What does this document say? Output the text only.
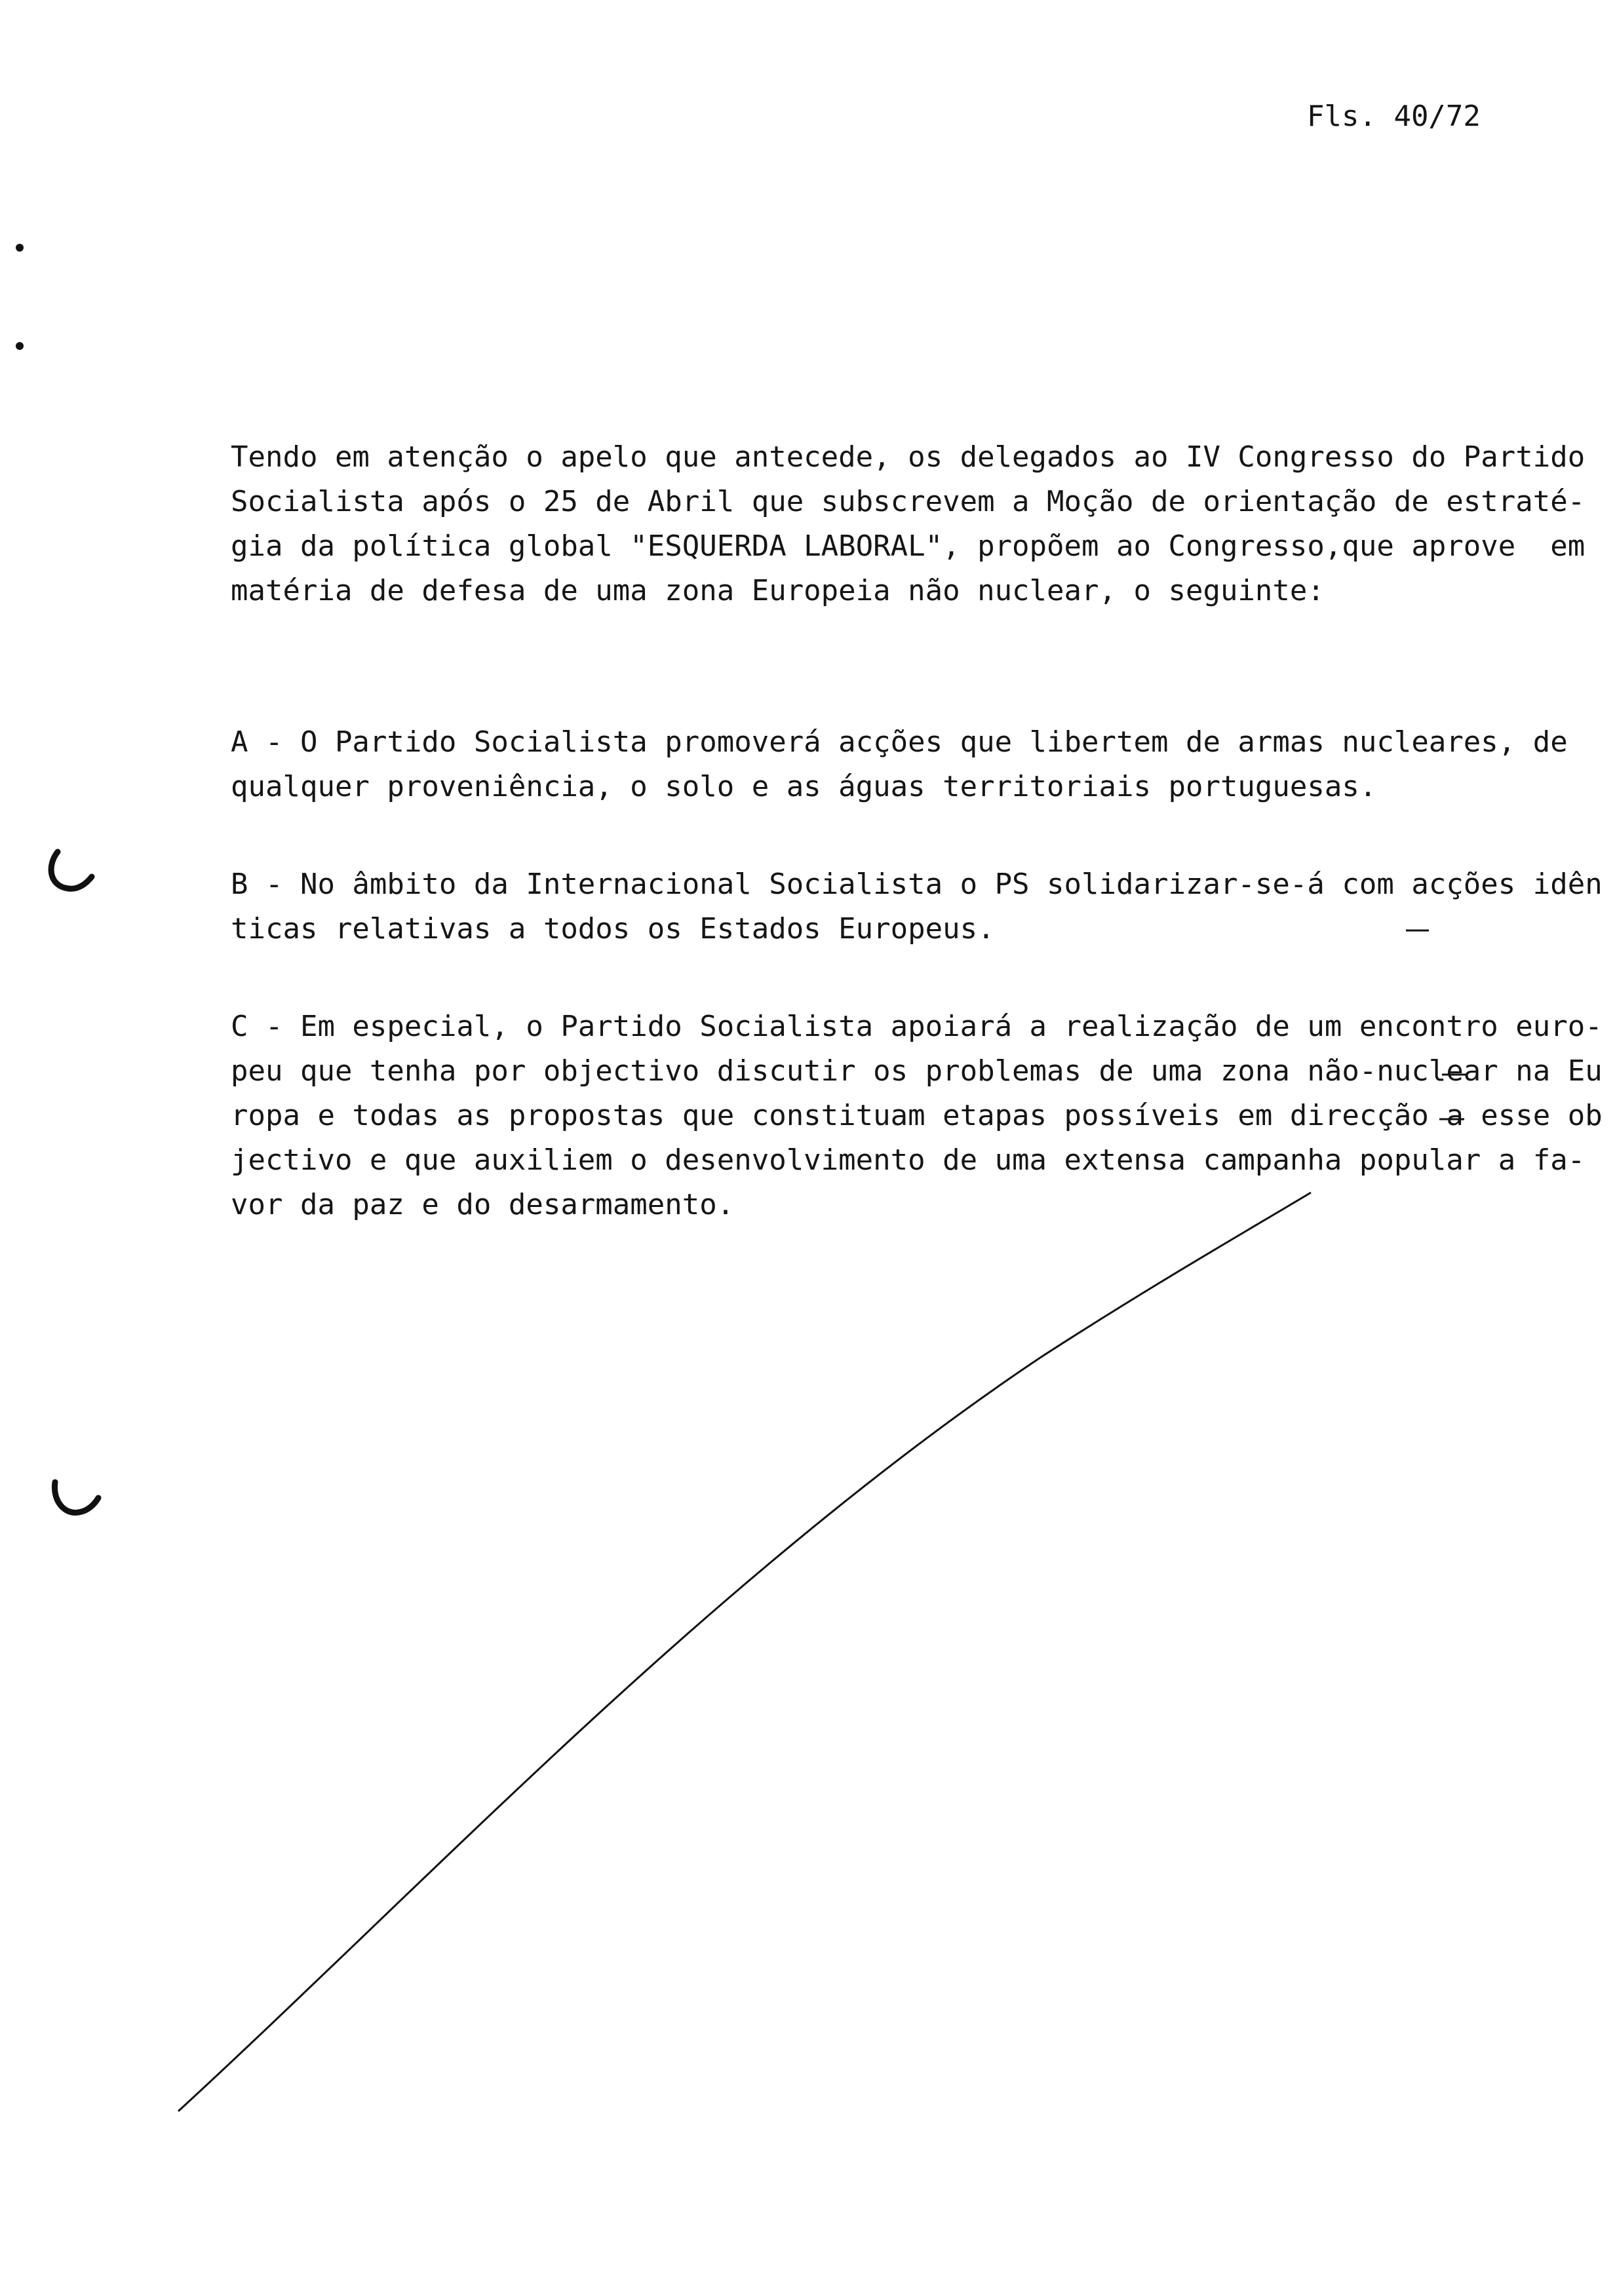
Fls. 40/72
Tendo em atenção o apelo que antecede, os delegados ao IV Congresso do Partido
Socialista após o 25 de Abril que subscrevem a Moção de orientação de estraté-
gia da política global "ESQUERDA LABORAL", propõem ao Congresso,que aprove  em
matéria de defesa de uma zona Europeia não nuclear, o seguinte:
A - O Partido Socialista promoverá acções que libertem de armas nucleares, de
qualquer proveniência, o solo e as águas territoriais portuguesas.
B - No âmbito da Internacional Socialista o PS solidarizar-se-á com acções idên
ticas relativas a todos os Estados Europeus.
C - Em especial, o Partido Socialista apoiará a realização de um encontro euro-
peu que tenha por objectivo discutir os problemas de uma zona não-nuclear na Eu
ropa e todas as propostas que constituam etapas possíveis em direcção a esse ob
jectivo e que auxiliem o desenvolvimento de uma extensa campanha popular a fa-
vor da paz e do desarmamento.
